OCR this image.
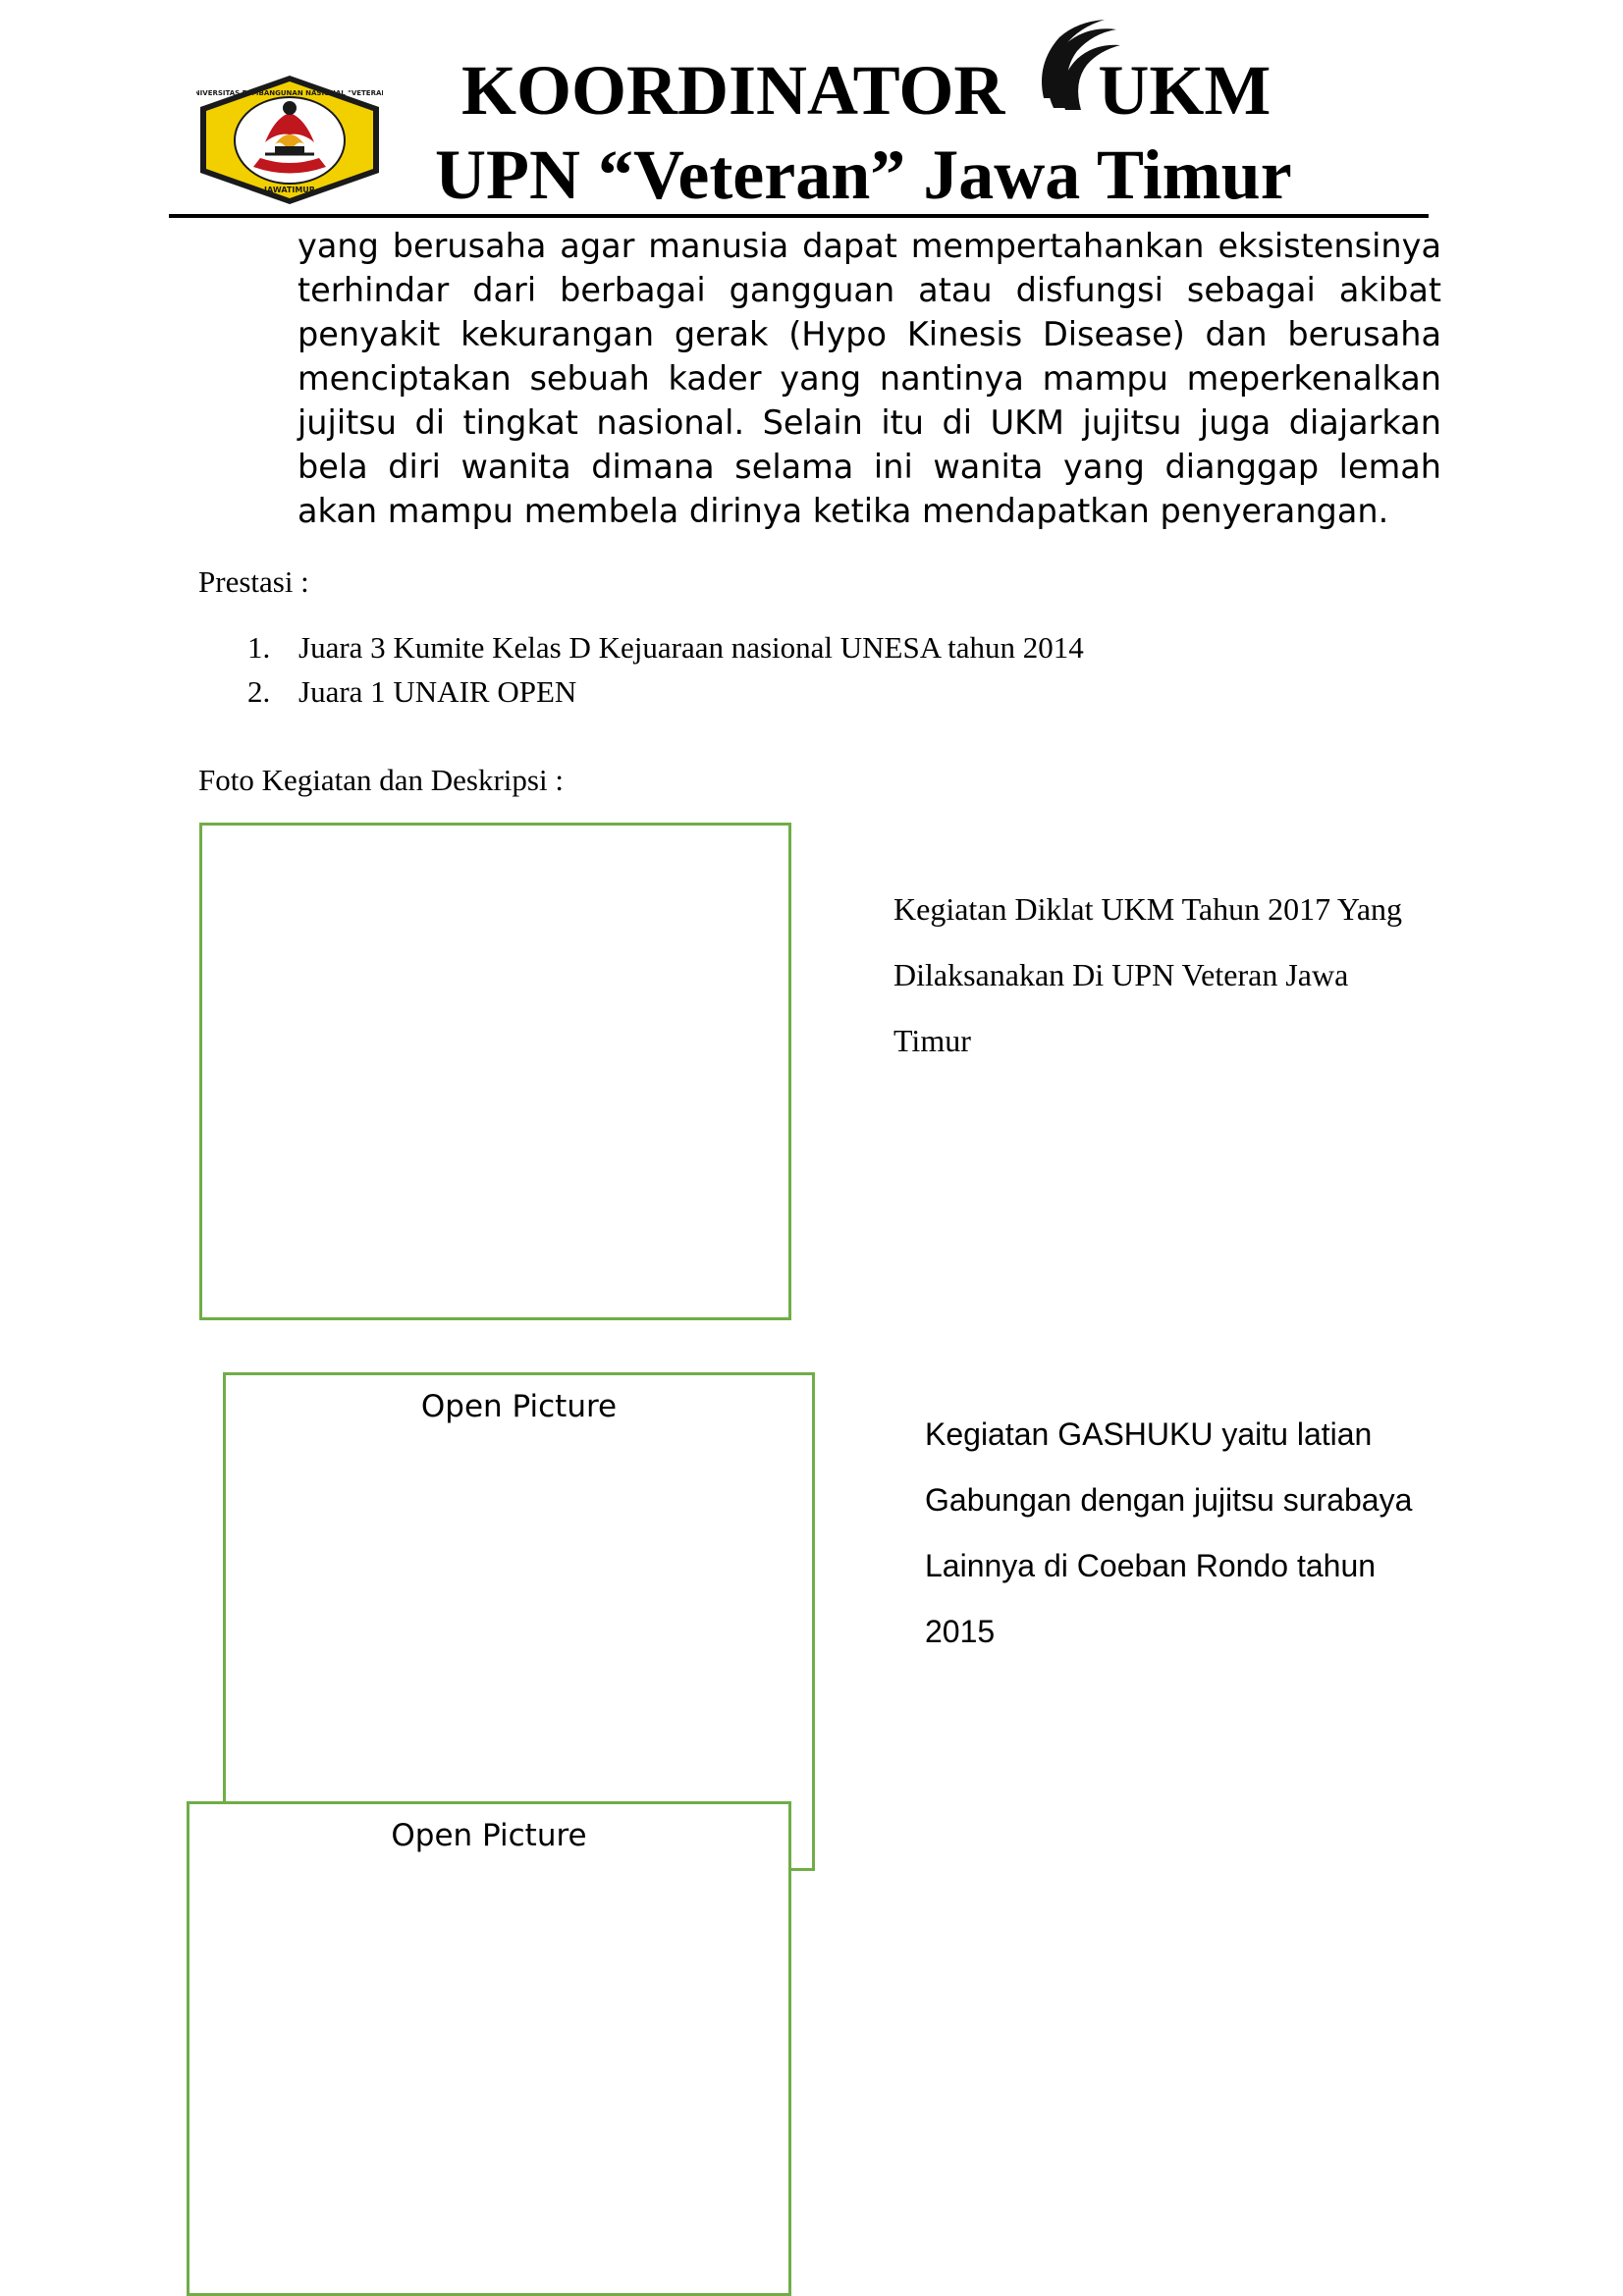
UNIVERSITAS PEMBANGUNAN NASIONAL "VETERAN"
JAWATIMUR
KOORDINATOR UKM
UPN “Veteran” Jawa Timur
yang berusaha agar manusia dapat mempertahankan eksistensinya terhindar dari berbagai gangguan atau disfungsi sebagai akibat penyakit kekurangan gerak (Hypo Kinesis Disease) dan berusaha menciptakan sebuah kader yang nantinya mampu meperkenalkan jujitsu di tingkat nasional. Selain itu di UKM jujitsu juga diajarkan bela diri wanita dimana selama ini wanita yang dianggap lemah akan mampu membela dirinya ketika mendapatkan penyerangan.
Prestasi :
1. Juara 3 Kumite Kelas D Kejuaraan nasional UNESA tahun 2014
2. Juara 1 UNAIR OPEN
Foto Kegiatan dan Deskripsi :
Kegiatan Diklat UKM Tahun 2017 Yang
Dilaksanakan Di UPN Veteran Jawa
Timur
Open Picture
Kegiatan GASHUKU yaitu latian
Gabungan dengan jujitsu surabaya
Lainnya di Coeban Rondo tahun
2015
Open Picture
